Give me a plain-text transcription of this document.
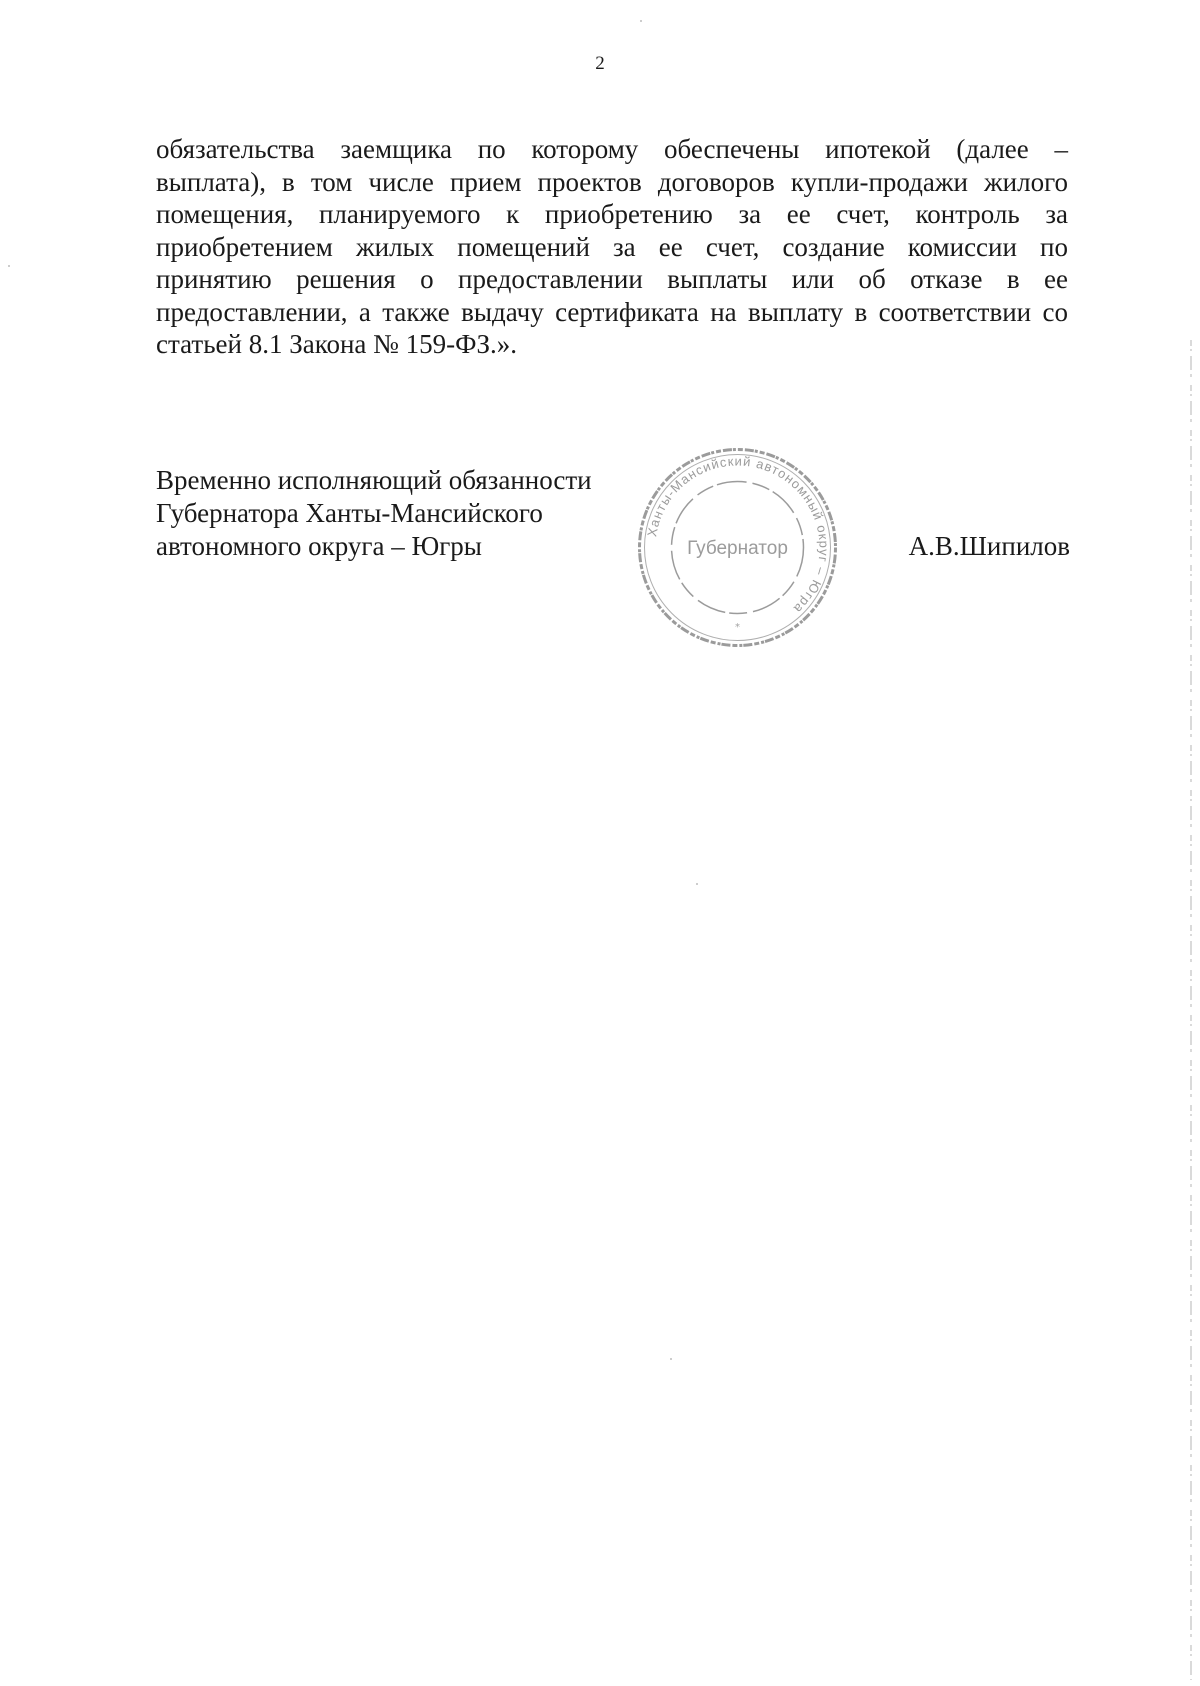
2
обязательства заемщика по которому обеспечены ипотекой (далее –
выплата), в том числе прием проектов договоров купли-продажи жилого
помещения, планируемого к приобретению за ее счет, контроль за
приобретением жилых помещений за ее счет, создание комиссии по
принятию решения о предоставлении выплаты или об отказе в ее
предоставлении, а также выдачу сертификата на выплату в соответствии со
статьей 8.1 Закона № 159-ФЗ.».
Временно исполняющий обязанности
Губернатора Ханты-Мансийского
автономного округа – Югры	Ханты-Мансийский автономный округ – Югра
Губернатор
*
А.В.Шипилов
